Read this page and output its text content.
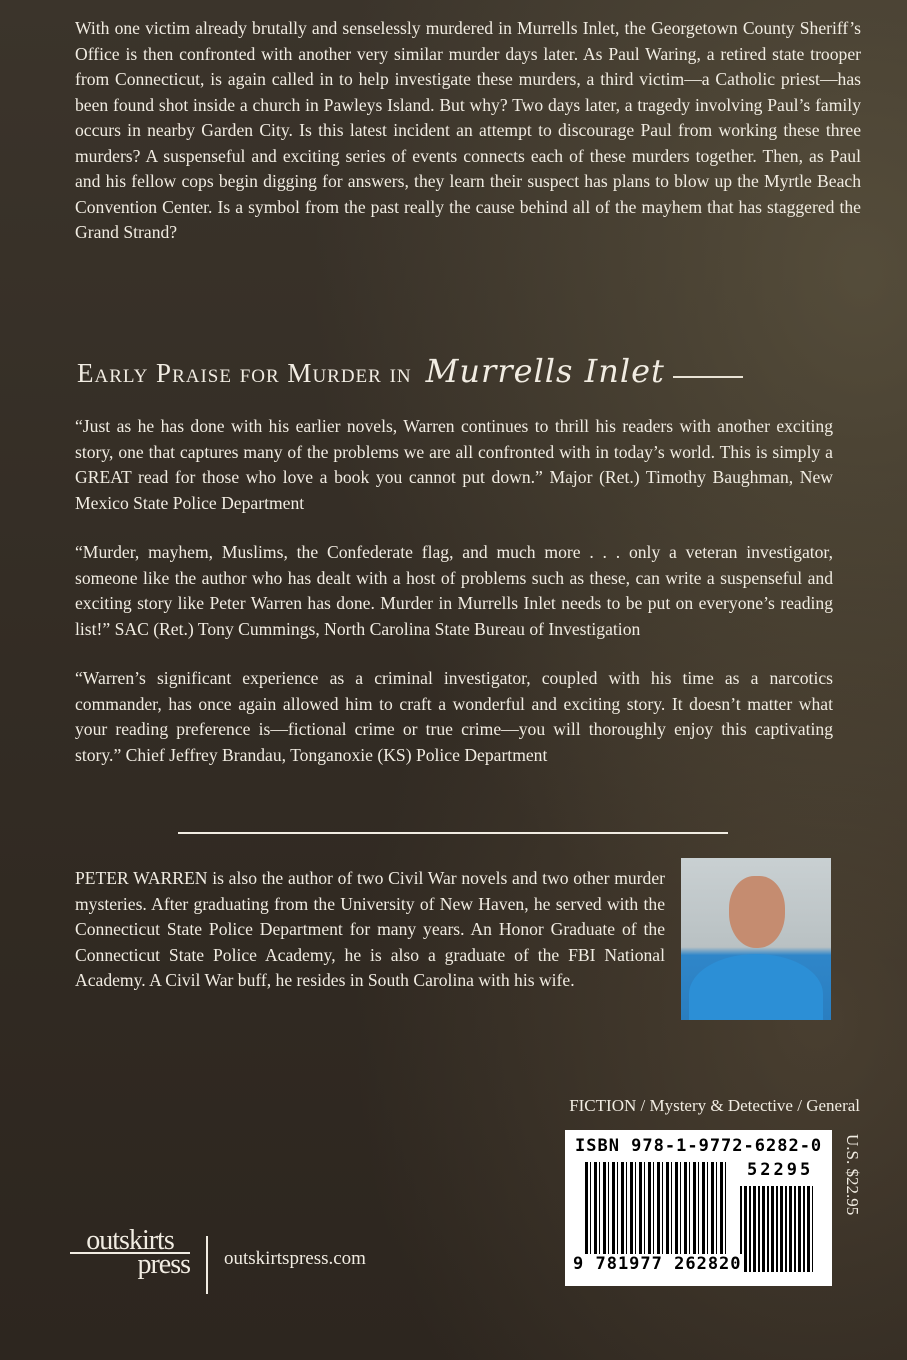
With one victim already brutally and senselessly murdered in Murrells Inlet, the Georgetown County Sheriff’s Office is then confronted with another very similar murder days later. As Paul Waring, a retired state trooper from Connecticut, is again called in to help investigate these murders, a third victim—a Catholic priest—has been found shot inside a church in Pawleys Island. But why? Two days later, a tragedy involving Paul’s family occurs in nearby Garden City. Is this latest incident an attempt to discourage Paul from working these three murders? A suspenseful and exciting series of events connects each of these murders together. Then, as Paul and his fellow cops begin digging for answers, they learn their suspect has plans to blow up the Myrtle Beach Convention Center. Is a symbol from the past really the cause behind all of the mayhem that has staggered the Grand Strand?

Early Praise for Murder in Murrells Inlet

“Just as he has done with his earlier novels, Warren continues to thrill his readers with another exciting story, one that captures many of the problems we are all confronted with in today’s world. This is simply a GREAT read for those who love a book you cannot put down.” Major (Ret.) Timothy Baughman, New Mexico State Police Department

“Murder, mayhem, Muslims, the Confederate flag, and much more . . . only a veteran investigator, someone like the author who has dealt with a host of problems such as these, can write a suspenseful and exciting story like Peter Warren has done. Murder in Murrells Inlet needs to be put on everyone’s reading list!” SAC (Ret.) Tony Cummings, North Carolina State Bureau of Investigation

“Warren’s significant experience as a criminal investigator, coupled with his time as a narcotics commander, has once again allowed him to craft a wonderful and exciting story. It doesn’t matter what your reading preference is—fictional crime or true crime—you will thoroughly enjoy this captivating story.” Chief Jeffrey Brandau, Tonganoxie (KS) Police Department

PETER WARREN is also the author of two Civil War novels and two other murder mysteries. After graduating from the University of New Haven, he served with the Connecticut State Police Department for many years. An Honor Graduate of the Connecticut State Police Academy, he is also a graduate of the FBI National Academy. A Civil War buff, he resides in South Carolina with his wife.

FICTION / Mystery & Detective / General
ISBN 978-1-9772-6282-0
52295
9 781977 262820
U.S. $22.95
outskirts
press outskirtspress.com
